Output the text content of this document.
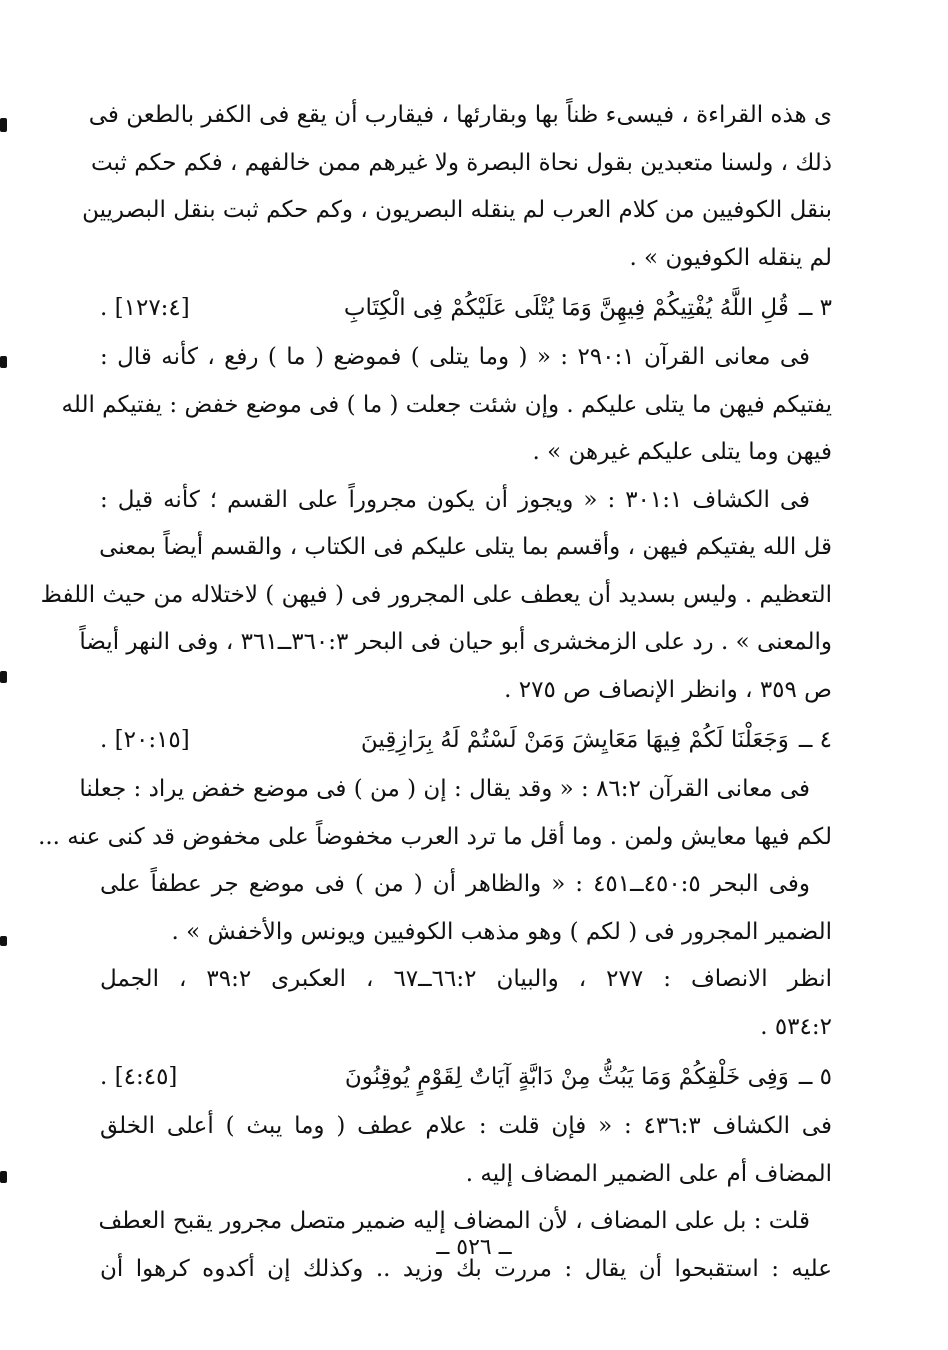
ى هذه القراءة ، فيسىء ظناً بها وبقارئها ، فيقارب أن يقع فى الكفر بالطعن فى
ذلك ، ولسنا متعبدين بقول نحاة البصرة ولا غيرهم ممن خالفهم ، فكم حكم ثبت
بنقل الكوفيين من كلام العرب لم ينقله البصريون ، وكم حكم ثبت بنقل البصريين
لم ينقله الكوفيون » .
٣ ــ
قُلِ اللَّهُ يُفْتِيكُمْ فِيهِنَّ وَمَا يُتْلَى عَلَيْكُمْ فِى الْكِتَابِ
. [١٢٧:٤]
فى معانى القرآن ٢٩٠:١ : « ( وما يتلى ) فموضع ( ما ) رفع ، كأنه قال :
يفتيكم فيهن ما يتلى عليكم . وإن شئت جعلت ( ما ) فى موضع خفض : يفتيكم الله
فيهن وما يتلى عليكم غيرهن » .
فى الكشاف ٣٠١:١ : « ويجوز أن يكون مجروراً على القسم ؛ كأنه قيل :
قل الله يفتيكم فيهن ، وأقسم بما يتلى عليكم فى الكتاب ، والقسم أيضاً بمعنى
التعظيم . وليس بسديد أن يعطف على المجرور فى ( فيهن ) لاختلاله من حيث اللفظ
والمعنى » . رد على الزمخشرى أبو حيان فى البحر ٣٦٠:٣ــ٣٦١ ، وفى النهر أيضاً
ص ٣٥٩ ، وانظر الإنصاف ص ٢٧٥ .
٤ ــ
وَجَعَلْنَا لَكُمْ فِيهَا مَعَايِشَ وَمَنْ لَسْتُمْ لَهُ بِرَازِقِينَ
. [٢٠:١٥]
فى معانى القرآن ٨٦:٢ : « وقد يقال : إن ( من ) فى موضع خفض يراد : جعلنا
لكم فيها معايش ولمن . وما أقل ما ترد العرب مخفوضاً على مخفوض قد كنى عنه ...
وفى البحر ٤٥٠:٥ــ٤٥١ : « والظاهر أن ( من ) فى موضع جر عطفاً على
الضمير المجرور فى ( لكم ) وهو مذهب الكوفيين ويونس والأخفش » .
انظر الانصاف : ٢٧٧ ، والبيان ٦٦:٢ــ٦٧ ، العكبرى ٣٩:٢ ، الجمل
٥٣٤:٢ .
٥ ــ
وَفِى خَلْقِكُمْ وَمَا يَبُثُّ مِنْ دَابَّةٍ آيَاتٌ لِقَوْمٍ يُوقِنُونَ
. [٤:٤٥]
فى الكشاف ٤٣٦:٣ : « فإن قلت : علام عطف ( وما يبث ) أعلى الخلق
المضاف أم على الضمير المضاف إليه .
قلت : بل على المضاف ، لأن المضاف إليه ضمير متصل مجرور يقبح العطف
عليه : استقبحوا أن يقال : مررت بك وزيد .. وكذلك إن أكدوه كرهوا أن
ــ ٥٢٦ ــ
